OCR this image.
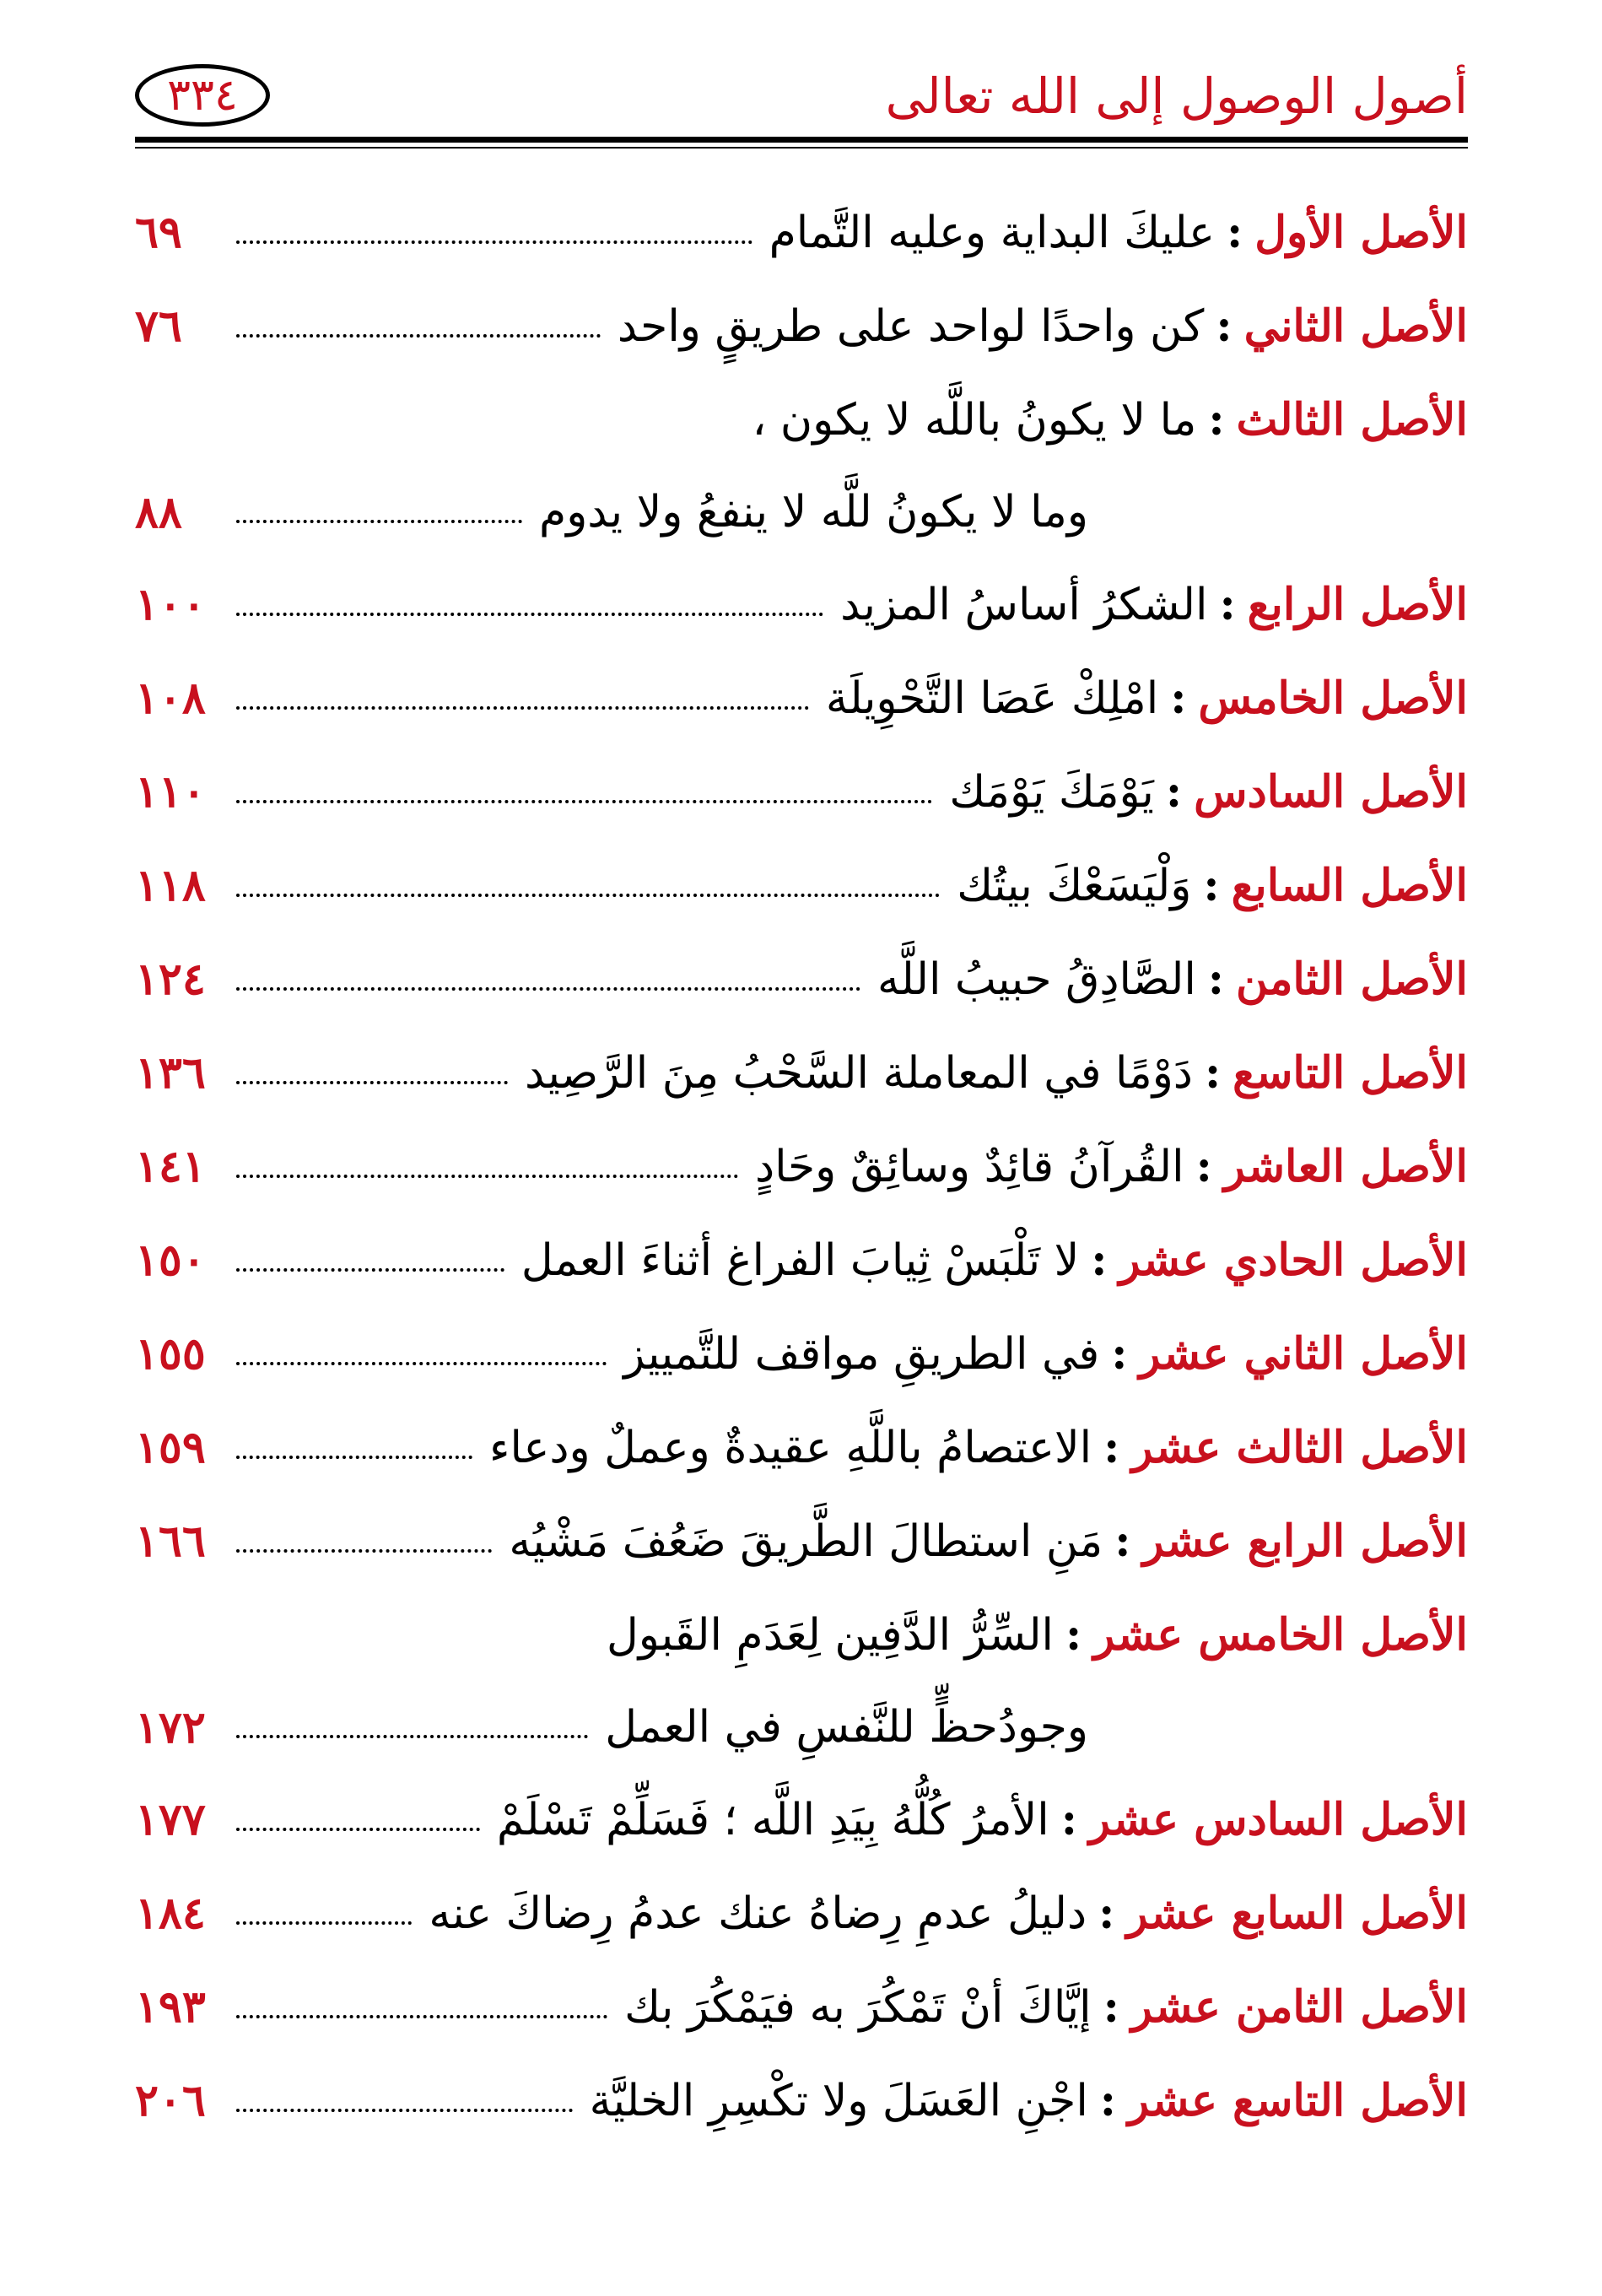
أصول الوصول إلى الله تعالى
٣٣٤
الأصل الأول
:
عليكَ البداية وعليه التَّمام
٦٩
الأصل الثاني
:
كن واحدًا لواحد على طريقٍ واحد
٧٦
الأصل الثالث
:
ما لا يكونُ باللَّه لا يكون ،
وما لا يكونُ للَّه لا ينفعُ ولا يدوم
٨٨
الأصل الرابع
:
الشكرُ أساسُ المزيد
١٠٠
الأصل الخامس
:
امْلِكْ عَصَا التَّحْوِيلَة
١٠٨
الأصل السادس
:
يَوْمَكَ يَوْمَك
١١٠
الأصل السابع
:
وَلْيَسَعْكَ بيتُك
١١٨
الأصل الثامن
:
الصَّادِقُ حبيبُ اللَّه
١٢٤
الأصل التاسع
:
دَوْمًا في المعاملة السَّحْبُ مِنَ الرَّصِيد
١٣٦
الأصل العاشر
:
القُرآنُ قائِدٌ وسائِقٌ وحَادٍ
١٤١
الأصل الحادي عشر
:
لا تَلْبَسْ ثِيابَ الفراغ أثناءَ العمل
١٥٠
الأصل الثاني عشر
:
في الطريقِ مواقف للتَّمييز
١٥٥
الأصل الثالث عشر
:
الاعتصامُ باللَّهِ عقيدةٌ وعملٌ ودعاء
١٥٩
الأصل الرابع عشر
:
مَنِ استطالَ الطَّريقَ ضَعُفَ مَشْيُه
١٦٦
الأصل الخامس عشر
:
السِّرُّ الدَّفِين لِعَدَمِ القَبول
وجودُحظٍّ للنَّفسِ في العمل
١٧٢
الأصل السادس عشر
:
الأمرُ كُلُّهُ بِيَدِ اللَّه ؛ فَسَلِّمْ تَسْلَمْ
١٧٧
الأصل السابع عشر
:
دليلُ عدمِ رِضاهُ عنك عدمُ رِضاكَ عنه
١٨٤
الأصل الثامن عشر
:
إيَّاكَ أنْ تَمْكُرَ به فيَمْكُرَ بك
١٩٣
الأصل التاسع عشر
:
اجْنِ العَسَلَ ولا تكْسِرِ الخليَّة
٢٠٦
